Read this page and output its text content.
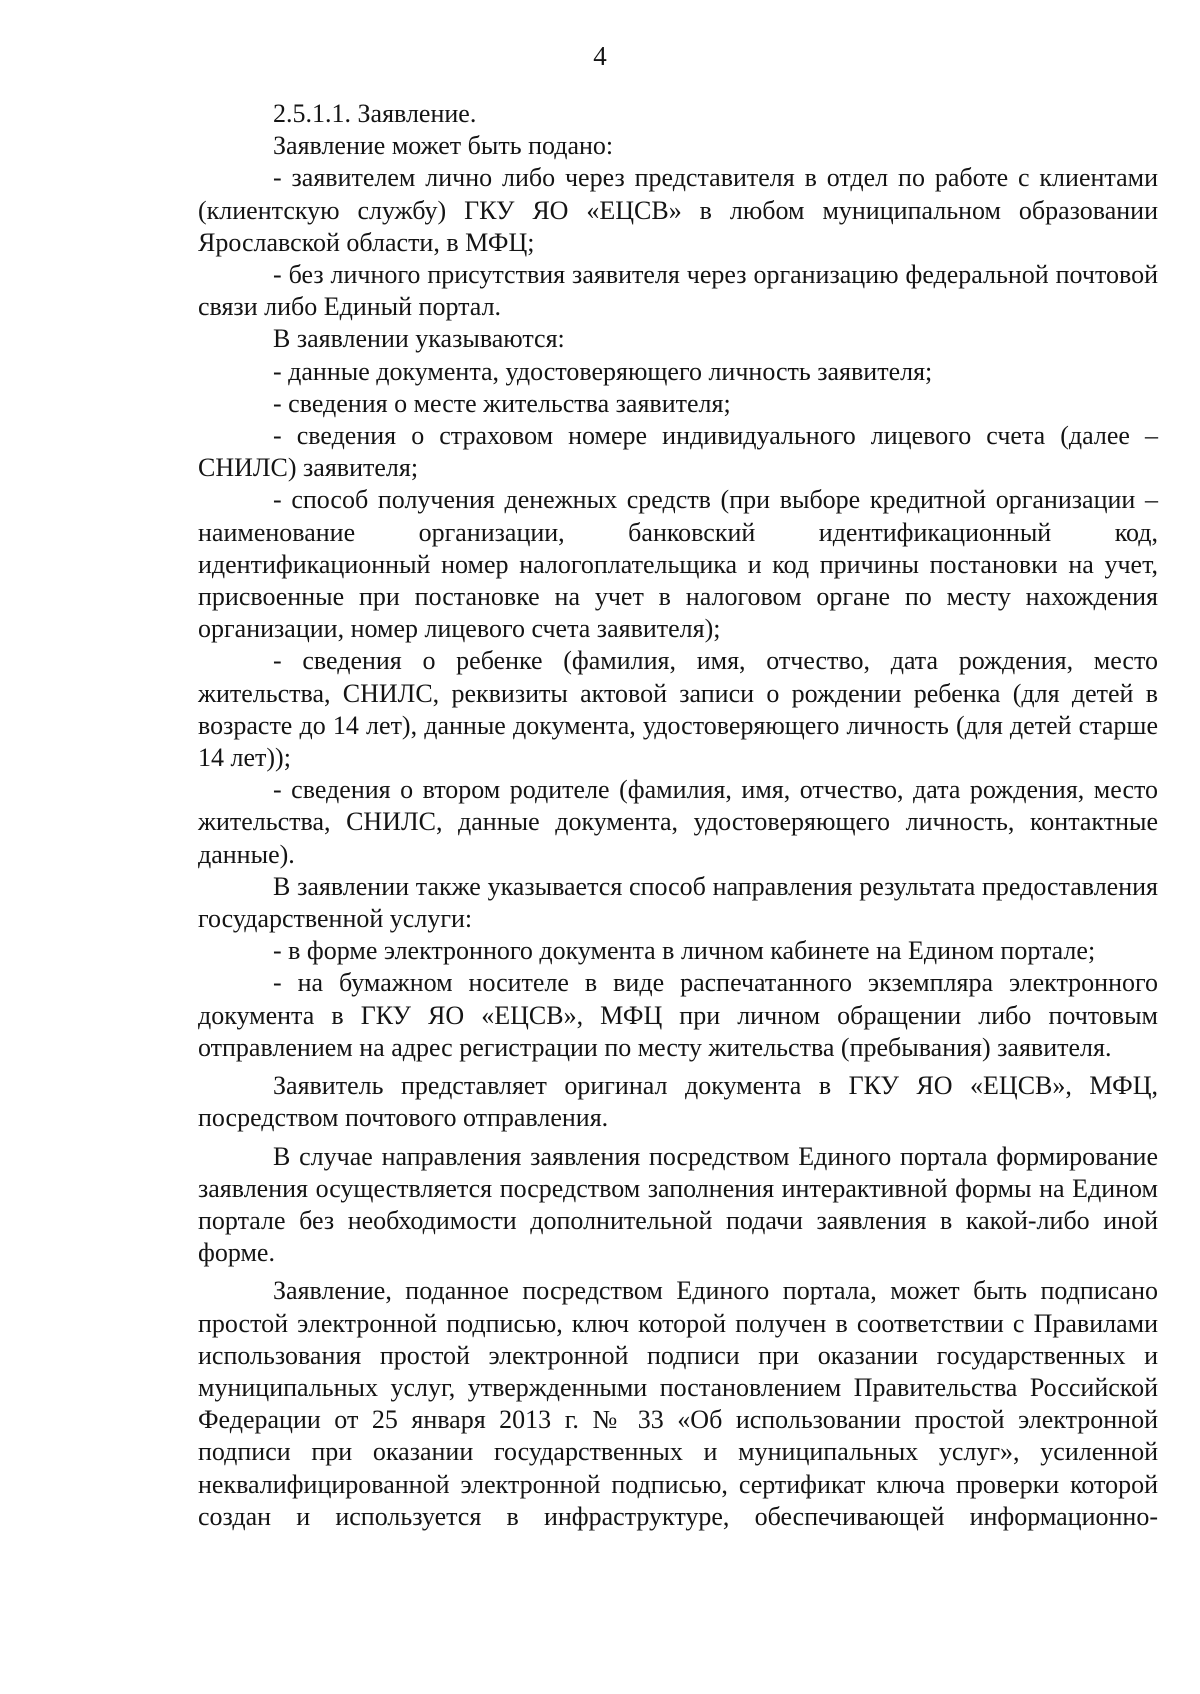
4

2.5.1.1. Заявление.

Заявление может быть подано:

- заявителем лично либо через представителя в отдел по работе с клиентами (клиентскую службу) ГКУ ЯО «ЕЦСВ» в любом муниципальном образовании Ярославской области, в МФЦ;

- без личного присутствия заявителя через организацию федеральной почтовой связи либо Единый портал.

В заявлении указываются:

- данные документа, удостоверяющего личность заявителя;

- сведения о месте жительства заявителя;

- сведения о страховом номере индивидуального лицевого счета (далее – СНИЛС) заявителя;

- способ получения денежных средств (при выборе кредитной организации – наименование организации, банковский идентификационный код, идентификационный номер налогоплательщика и код причины постановки на учет, присвоенные при постановке на учет в налоговом органе по месту нахождения организации, номер лицевого счета заявителя);

- сведения о ребенке (фамилия, имя, отчество, дата рождения, место жительства, СНИЛС, реквизиты актовой записи о рождении ребенка (для детей в возрасте до 14 лет), данные документа, удостоверяющего личность (для детей старше 14 лет));

- сведения о втором родителе (фамилия, имя, отчество, дата рождения, место жительства, СНИЛС, данные документа, удостоверяющего личность, контактные данные).

В заявлении также указывается способ направления результата предоставления государственной услуги:

- в форме электронного документа в личном кабинете на Едином портале;

- на бумажном носителе в виде распечатанного экземпляра электронного документа в ГКУ ЯО «ЕЦСВ», МФЦ при личном обращении либо почтовым отправлением на адрес регистрации по месту жительства (пребывания) заявителя.

Заявитель представляет оригинал документа в ГКУ ЯО «ЕЦСВ», МФЦ, посредством почтового отправления.

В случае направления заявления посредством Единого портала формирование заявления осуществляется посредством заполнения интерактивной формы на Едином портале без необходимости дополнительной подачи заявления в какой-либо иной форме.

Заявление, поданное посредством Единого портала, может быть подписано простой электронной подписью, ключ которой получен в соответствии с Правилами использования простой электронной подписи при оказании государственных и муниципальных услуг, утвержденными постановлением Правительства Российской Федерации от 25 января 2013 г. № 33 «Об использовании простой электронной подписи при оказании государственных и муниципальных услуг», усиленной неквалифицированной электронной подписью, сертификат ключа проверки которой создан и используется в инфраструктуре, обеспечивающей информационно-
